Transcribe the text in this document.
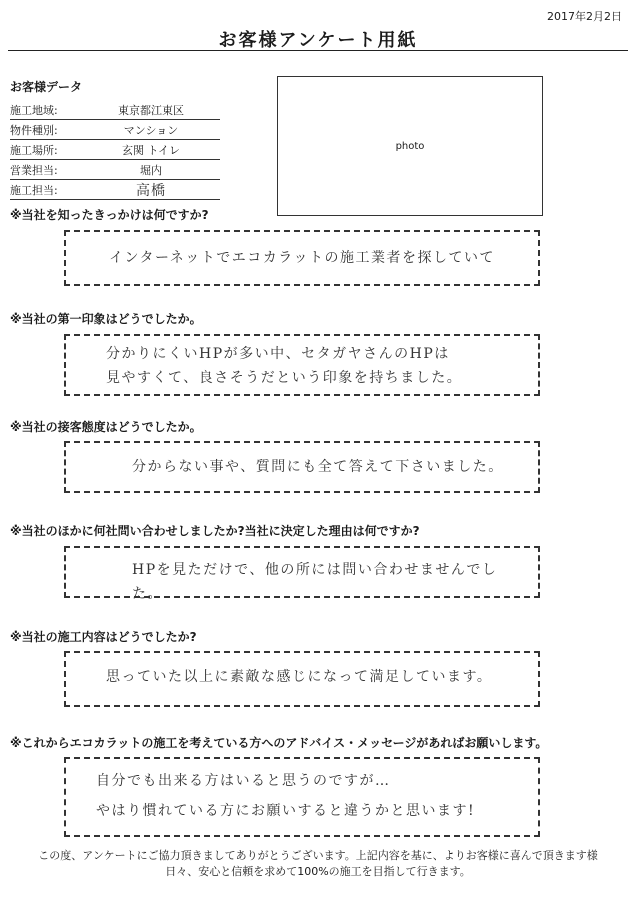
2017年2月2日
お客様アンケート用紙
お客様データ
施工地域:	東京都江東区
物件種別:	マンション
施工場所:	玄関 トイレ
営業担当:	堀内
施工担当:	高橋
photo
※当社を知ったきっかけは何ですか?
インターネットでエコカラットの施工業者を探していて
※当社の第一印象はどうでしたか。
分かりにくいHPが多い中、セタガヤさんのHPは
見やすくて、良さそうだという印象を持ちました。
※当社の接客態度はどうでしたか。
分からない事や、質問にも全て答えて下さいました。
※当社のほかに何社問い合わせしましたか?当社に決定した理由は何ですか?
HPを見ただけで、他の所には問い合わせませんでした。
※当社の施工内容はどうでしたか?
思っていた以上に素敵な感じになって満足しています。
※これからエコカラットの施工を考えている方へのアドバイス・メッセージがあればお願いします。
自分でも出来る方はいると思うのですが…
やはり慣れている方にお願いすると違うかと思います!
この度、アンケートにご協力頂きましてありがとうございます。上記内容を基に、よりお客様に喜んで頂きます様
日々、安心と信頼を求めて100%の施工を目指して行きます。
